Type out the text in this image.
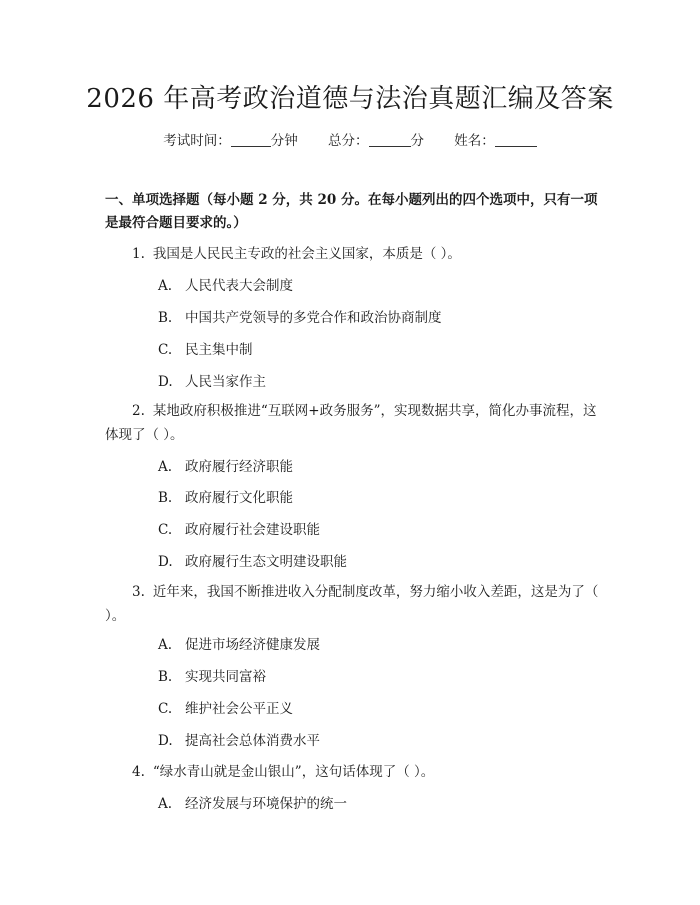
2026 年高考政治道德与法治真题汇编及答案
考试时间：	分钟 总分：	分 姓名：
一、单项选择题（每小题 2 分，共 20 分。在每小题列出的四个选项中，只有一项是最符合题目要求的。）
1. 我国是人民民主专政的社会主义国家，本质是（ ）。
A. 人民代表大会制度
B. 中国共产党领导的多党合作和政治协商制度
C. 民主集中制
D. 人民当家作主
2. 某地政府积极推进“互联网+政务服务”，实现数据共享，简化办事流程，这体现了（ ）。
A. 政府履行经济职能
B. 政府履行文化职能
C. 政府履行社会建设职能
D. 政府履行生态文明建设职能
3. 近年来，我国不断推进收入分配制度改革，努力缩小收入差距，这是为了（ ）。
A. 促进市场经济健康发展
B. 实现共同富裕
C. 维护社会公平正义
D. 提高社会总体消费水平
4. “绿水青山就是金山银山”，这句话体现了（ ）。
A. 经济发展与环境保护的统一
